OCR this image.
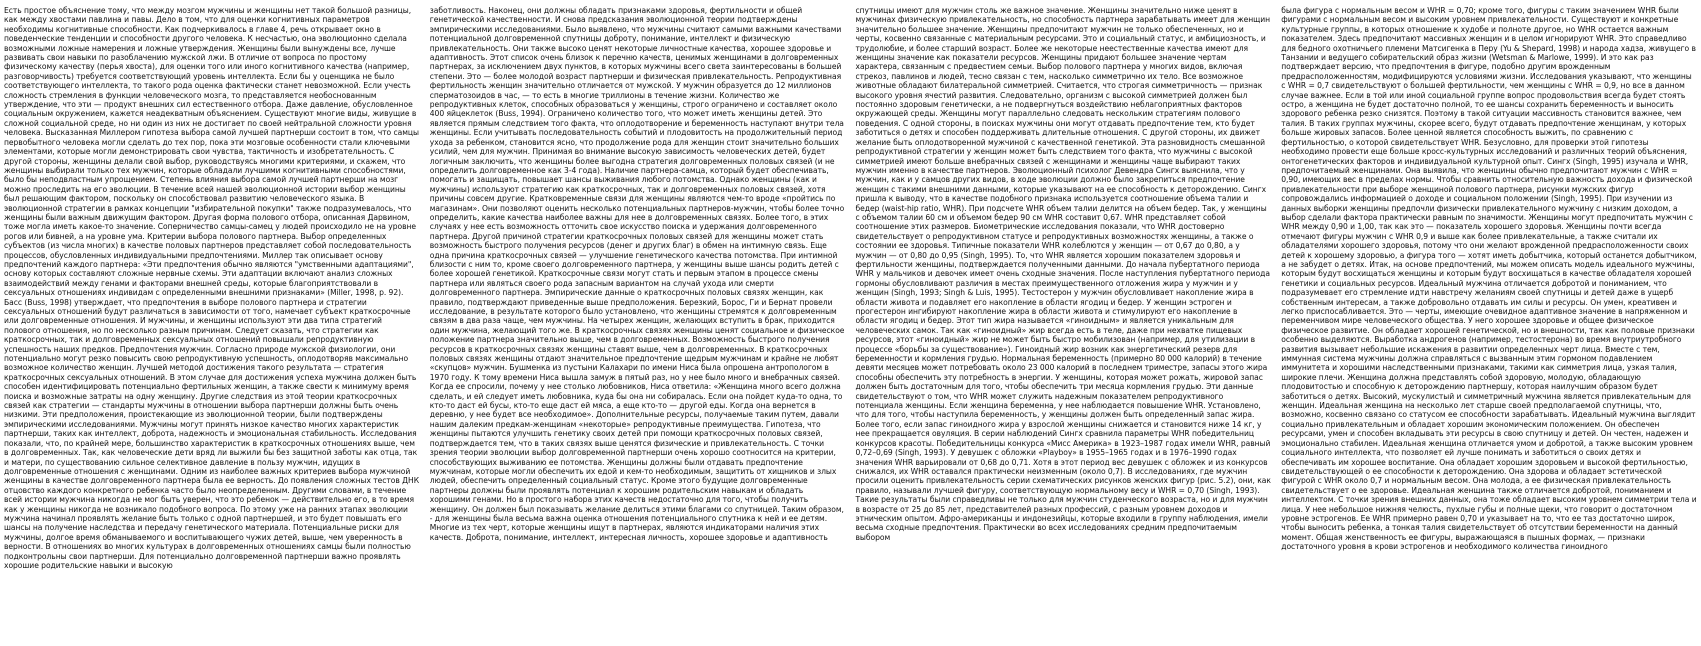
Есть простое объяснение тому, что между мозгом мужчины и женщины нет такой большой разницы, как между хвостами павлина и павы. Дело в том, что для оценки когнитивных параметров необходимы когнитивные способности. Как подчеркивалось в главе 4, речь открывает окно в поведенческие тенденции и способности другого человека. К несчастью, она эволюционно сделала возможными ложные намерения и ложные утверждения. Женщины были вынуждены все, лучше развивать свои навыки по разоблачению мужской лжи. В отличие от вопроса по простому физическому качеству (перья хвоста), для оценки того или иного когнитивного качества (например, разговорчивость) требуется соответствующий уровень интеллекта. Если бы у оценщика не было соответствующего интеллекта, то такого рода оценка фактически станет невозможной. Если учесть сложность стремления в функции человеческого мозга, то представляется необоснованным утверждение, что эти — продукт внешних сил естественного отбора. Даже давление, обусловленное социальным окружением, кажется неадекватным объяснением. Существуют многие виды, живущие в сложной социальной среде, но ни один из них не достигает по своей нейтральной сложности уровня человека. Высказанная Миллером гипотеза выбора самой лучшей партнерши состоит в том, что самцы первобытного человека могли сделать до тех пор, пока эти мозговые особенности стали ключевыми элементами, которые могли демонстрировать свои чувства, тактичность и изобретательность. С другой стороны, женщины делали свой выбор, руководствуясь многими критериями, и скажем, что женщины выбирали только тех мужчин, которые обладали лучшими когнитивными способностями, было бы неподвластным упрощением. Степень влияния выбора самой лучшей партнерши на мозг можно проследить на его эволюции. В течение всей нашей эволюционной истории выбор женщины был решающим фактором, поскольку он способствовал развитию человеческого языка. В эволюционной стратегии в рамках концепции "избирательной покупки" также подразумевалось, что женщины были важным движущим фактором. Другая форма полового отбора, описанная Дарвином, тоже могла иметь какое-то значение. Соперничество самцы-самец у людей происходило не на уровне рогов или бивней, а на уровне ума. Критерии выбора полового партнера. Выбор определенных субъектов (из числа многих) в качестве половых партнеров представляет собой последовательность процессов, обусловленных индивидуальными предпочтениями. Миллер так описывает основу предпочтений каждого партнера: «Эти предпочтения обычно являются "умственными адаптациями", основу которых составляют сложные нервные схемы. Эти адаптации включают анализ сложных взаимодействий между генами и факторами внешней среды, которые благоприятствовали в сексуальных отношениях индивидам с определенными внешними признаками» (Miller, 1998, p. 92). Басс (Buss, 1998) утверждает, что предпочтения в выборе полового партнера и стратегии сексуальных отношений будут различаться в зависимости от того, намечает субъект краткосрочные или долговременные отношения. И мужчины, и женщины используют эти два типа стратегий полового отношения, но по несколько разным причинам. Следует сказать, что стратегии как краткосрочных, так и долговременных сексуальных отношений повышали репродуктивную успешность наших предков. Предпочтения мужчин. Согласно природе мужской физиологии, они потенциально могут резко повысить свою репродуктивную успешность, оплодотворяв максимально возможное количество женщин. Лучшей методой достижения такого результата — стратегия краткосрочных сексуальных отношений. В этом случае для достижения успеха мужчина должен быть способен идентифицировать потенциально фертильных женщин, а также свести к минимуму время поиска и возможные затраты на одну женщину. Другие следствия из этой теории краткосрочных связей как стратегии — стандарты мужчины в отношении выбора партнерши должны быть очень низкими. Эти предположения, проистекающие из эволюционной теории, были подтверждены эмпирическими исследованиями. Мужчины могут принять низкое качество многих характеристик партнерши, таких как интеллект, доброта, надежность и эмоциональная стабильность. Исследования показали, что, по крайней мере, большинство характеристик в краткосрочных отношениях выше, чем в долговременных. Так, как человеческие дети вряд ли выжили бы без защитной заботы как отца, так и матери, по существованию сильное селективное давление в пользу мужчин, идущих в долговременные отношения с женщинами. Одним из наиболее важных критериев выбора мужчиной женщины в качестве долговременного партнера была ее верность. До появления сложных тестов ДНК отцовство каждого конкретного ребенка часто было неопределенным. Другими словами, в течение всей истории мужчина никогда не мог быть уверен, что это ребенок — действительно его, в то время как у женщины никогда не возникало подобного вопроса. По этому уже на ранних этапах эволюции мужчина начинал проявлять желание быть только с одной партнершей, и это будет повышать его шансы на получение наследства и передачу генетического материала. Потенциальные риски для мужчины, долгое время обманываемого и воспитывающего чужих детей, выше, чем уверенность в верности. В отношениях во многих культурах в долговременных отношениях самцы были полностью подконтрольны свои партнерши. Для потенциально долговременной партнерши важно проявлять хорошие родительские навыки и высокую

заботливость. Наконец, они должны обладать признаками здоровья, фертильности и общей генетической качественности. И снова предсказания эволюционной теории подтверждены эмпирическими исследованиями. Было выявлено, что мужчины считают самыми важными качествами потенциальной долговременной спутницы доброту, понимание, интеллект и физическую привлекательность. Они также высоко ценят некоторые личностные качества, хорошее здоровье и адаптивность. Этот список очень близок к перечню качеств, ценимых женщинами в долговременных партнерах, за исключением двух пунктов, в которых мужчины всего света заинтересованы в большей степени. Это — более молодой возраст партнерши и физическая привлекательность. Репродуктивная фертильность женщин значительно отличается от мужской. У мужчин образуется до 12 миллионов сперматозоидов в час, — то есть в многие триллионы в течение жизни. Количество же репродуктивных клеток, способных образоваться у женщины, строго ограничено и составляет около 400 яйцеклеток (Buss, 1994). Ограничено количество того, что может иметь женщины детей. Это является прямым следствием того факта, что оплодотворение и беременность наступают внутри тела женщины. Если учитывать последовательность событий и плодовитость на продолжительный период ухода за ребенком, становится ясно, что продолжение рода для женщин стоит значительно больших усилий, чем для мужчин. Принимая во внимание высокую зависимость человеческих детей, будет логичным заключить, что женщины более выгодна стратегия долговременных половых связей (и не определить долговременное как 3-4 года). Наличие партнера-самца, который будет обеспечивать, помогать и защищать, повышает шансы выживания любого потомства. Однако женщины (как и мужчины) используют стратегию как краткосрочных, так и долговременных половых связей, хотя причины совсем другие. Кратковременные связи для женщины являются чем-то вроде «пройтись по магазинам». Они позволяют оценить несколько потенциальных партнеров-мужчин, чтобы более точно определить, какие качества наиболее важны для нее в долговременных связях. Более того, в этих случаях у нее есть возможность отточить свое искусство поиска и удержания долговременного партнера. Другой причиной стратегии краткосрочных половых связей для женщины может стать возможность быстрого получения ресурсов (денег и других благ) в обмен на интимную связь. Еще одна причина краткосрочных связей — улучшение генетического качества потомства. При интимной близости с ним то, кроме своего долговременного партнера, у женщины выше шансы родить детей с более хорошей генетикой. Краткосрочные связи могут стать и первым этапом в процессе смены партнера или являться своего рода запасным вариантом на случай ухода или смерти долговременного партнера. Эмпирические данные о краткосрочных половых связях женщин, как правило, подтверждают приведенные выше предположения. Березкий, Борос, Ги и Бернат провели исследование, в результате которого было установлено, что женщины стремятся к долговременным связям в два раза чаще, чем мужчины. На четырех женщин, желающих вступить в брак, приходится один мужчина, желающий того же. В краткосрочных связях женщины ценят социальное и физическое положение партнера значительно выше, чем в долговременных. Возможность быстрого получения ресурсов в краткосрочных связях женщины ставят выше, чем в долговременных. В краткосрочных половых связях женщины отдают значительное предпочтение щедрым мужчинам и крайне не любят «скупцов» мужчин. Бушменка из пустыни Калахари по имени Ниса была опрошена антропологом в 1970 году. К тому времени Ниса вышла замуж в пятый раз, но у нее было много и внебрачных связей. Когда ее спросили, почему у нее столько любовников, Ниса ответила: «Женщина много всего должна сделать, и ей следует иметь любовника, куда бы она ни собиралась. Если она пойдет куда-то одна, то кто-то даст ей бусы, кто-то еще даст ей мяса, а еще кто-то — другой еды. Когда она вернется в деревню, у нее будет все необходимое». Дополнительные ресурсы, получаемые таким путем, давали нашим далеким предкам-женщинам «некоторые» репродуктивные преимущества. Гипотеза, что женщины пытаются улучшить генетику своих детей при помощи краткосрочных половых связей, подтверждается тем, что в таких связях выше ценятся физические и привлекательность. С точки зрения теории эволюции выбор долговременной партнерши очень хорошо соотносится на критерии, способствующих выживанию ее потомства. Женщины должны были отдавать предпочтение мужчинам, которые могли обеспечить их едой и кем-то необходимым, защитить от хищников и злых людей, обеспечить определенный социальный статус. Кроме этого будущие долговременные партнеры должны были проявлять потенциал к хорошим родительским навыкам и обладать хорошими генами. Но в простого набора этих качеств недостаточно для того, чтобы получить женщину. Он должен был показывать желание делиться этими благами со спутницей. Таким образом, - для женщины была весьма важна оценка отношения потенциального спутника к ней и ее детям. Многие из тех черт, которые женщины ищут в партнерах, являются индикаторами наличия этих качеств. Доброта, понимание, интеллект, интересная личность, хорошее здоровье и адаптивность

спутницы имеют для мужчин столь же важное значение. Женщины значительно ниже ценят в мужчинах физическую привлекательность, но способность партнера зарабатывать имеет для женщин значительно большее значение. Женщины предпочитают мужчин не только обеспеченных, но и черты, косвенно связанные с материальным ресурсами. Это и социальный статус, и амбициозность, и трудолюбие, и более старший возраст. Более же некоторые неестественные качества имеют для женщины значение как показатели ресурсов. Женщины придают большее значение чертам характера, связанным с предвестием семьи. Выбор полового партнера у многих видов, включая стрекоз, павлинов и людей, тесно связан с тем, насколько симметрично их тело. Все возможное животные обладают билатеральной симметрией. Считается, что строгая симметричность — признак высокого уровня ячестий развития. Следовательно, организм с высокой симметрией должен был постоянно здоровым генетически, а не подвергнуться воздействию неблагоприятных факторов окружающей среды. Женщины могут параллельно следовать нескольким стратегиям полового поведения. С одной стороны, в поисках мужчины они могут отдавать предпочтение тем, кто будет заботиться о детях и способен поддерживать длительные отношения. С другой стороны, их движет желание быть оплодотворенной мужчиной с качественной генетикой. Эта разновидность смешанной репродуктивной стратегии у женщин может быть следствием того факта, что мужчины с высокой симметрией имеют больше внебрачных связей с женщинами и женщины чаще выбирают таких мужчин именно в качестве партнеров. Эволюционный психолог Девендра Сингх выяснила, что у мужчин, как и у самцов других видов, в ходе эволюции должно было закрепиться предпочтение женщин с такими внешними данными, которые указывают на ее способность к деторождению. Сингх пришла к выводу, что в качестве подобного признака используется соотношение объема талии и бедер (waist-hip ratio, WHR). При подсчете WHR объем талии делится на объем бедер. Так, у женщины с объемом талии 60 см и объемом бедер 90 см WHR составит 0,67. WHR представляет собой соотношение этих размеров. Биометрические исследования показали, что WHR достоверно свидетельствует о репродуктивном статусе и репродуктивных возможностях женщины, а также о состоянии ее здоровья. Типичные показатели WHR колеблются у женщин — от 0,67 до 0,80, а у мужчин — от 0,80 до 0,95 (Singh, 1995). То, что WHR является хорошим показателем здоровья и фертильности женщины, подтверждается полученными данными. До начала пубертатного периода WHR у мальчиков и девочек имеет очень сходные значения. После наступления пубертатного периода гормоны обусловливают различия в местах преимущественного отложения жира у мужчин и у женщин (Singh, 1993; Singh & Luis, 1995). Тестостерон у мужчин обусловливает накопление жира в области живота и подавляет его накопление в области ягодиц и бедер. У женщин эстроген и прогестерон ингибируют накопление жира в области живота и стимулируют его накопление в области ягодиц и бедер. Этот тип жира называется «гиноидным» и является уникальным для человеческих самок. Так как «гиноидный» жир всегда есть в теле, даже при нехватке пищевых ресурсов, этот «гиноидный» жир не может быть быстро мобилизован (например, для утилизации в процессе «борьбы за существование»). Гиноидный жир возник как энергетический резерв для беременности и кормления грудью. Нормальная беременность (примерно 80 000 калорий) в течение девяти месяцев может потребовать около 23 000 калорий в последнем триместре, запасы этого жира способны обеспечить эту потребность в энергии. У женщины, которая может рожать, жировой запас должен быть достаточным для того, чтобы обеспечить три месяца кормления грудью. Эти данные свидетельствуют о том, что WHR может служить надежным показателем репродуктивного потенциала женщины. Если женщина беременна, у нее наблюдается повышение WHR. Установлено, что для того, чтобы наступила беременность, у женщины должен быть определенный запас жира. Более того, если запас гиноидного жира у взрослой женщины снижается и становится ниже 14 кг, у нее прекращается овуляция. В серии наблюдений Сингх сравнила параметры WHR победительниц конкурсов красоты. Победительницы конкурса «Мисс Америка» в 1923–1987 годах имели WHR, равный 0,72–0,69 (Singh, 1993). У девушек с обложки «Playboy» в 1955–1965 годах и в 1976–1990 годах значения WHR варьировали от 0,68 до 0,71. Хотя в этот период вес девушек с обложек и из конкурсов снижался, их WHR оставался практически неизменным (около 0,7). В исследованиях, где мужчин просили оценить привлекательность серии схематических рисунков женских фигур (рис. 5.2), они, как правило, называли лучшей фигуру, соответствующую нормальному весу и WHR = 0,70 (Singh, 1993). Такие результаты были справедливы не только для мужчин студенческого возраста, но и для мужчин в возрасте от 25 до 85 лет, представителей разных профессий, с разным уровнем доходов и этническим опытом. Афро-американцы и индонезийцы, которые входили в группу наблюдения, имели весьма сходные предпочтения. Практически во всех исследованиях средним предпочитаемым выбором

была фигура с нормальным весом и WHR = 0,70; кроме того, фигуры с таким значением WHR были фигурами с нормальным весом и высоким уровнем привлекательности. Существуют и конкретные культурные группы, в которых отношение к худобе и полноте другое, но WHR остается важным показателем. Здесь предпочитают массивных женщин и в целом игнорируют WHR. Это справедливо для бедного охотничьего племени Матсигенка в Перу (Yu & Shepard, 1998) и народа хадза, живущего в Танзании и ведущего собирательский образ жизни (Wetsman & Marlowe, 1999). И это как раз подтверждает версию, что предпочтения в фигуре, подобно другим врожденным предрасположенностям, модифицируются условиями жизни. Исследования указывают, что женщины с WHR = 0,7 свидетельствуют о большей фертильности, чем женщины с WHR = 0,9, но все в данном случае важнее. Если в той или иной социальной группе вопрос продовольствия всегда будет стоять остро, а женщина не будет достаточно полной, то ее шансы сохранить беременность и выносить здорового ребенка резко снизятся. Поэтому в такой ситуации массивность становится важнее, чем талия. В таких группах мужчины, скорее всего, будут отдавать предпочтение женщинам, у которых больше жировых запасов. Более ценной является способность выжить, по сравнению с фертильностью, о которой свидетельствует WHR. Безусловно, для проверки этой гипотезы необходимо провести еще больше кросс-культурных исследований и различных теорий объяснения, онтогенетических факторов и индивидуальной культурной опыт. Сингх (Singh, 1995) изучала и WHR, предпочитаемый женщинами. Она выявила, что женщины обычно предпочитают мужчин с WHR = 0,90, имеющих вес в пределах нормы. Чтобы сравнить относительную важность дохода и физической привлекательности при выборе женщиной полового партнера, рисунки мужских фигур сопровождались информацией о доходе и социальном положении (Singh, 1995). При изучении из данных выборки женщины предпочли физически привлекательного мужчину с низким доходом, а выбор сделали фактора практически равным по значимости. Женщины могут предпочитать мужчин с WHR между 0,90 и 1,00, так как это — показатель хорошего здоровья. Женщины почти всегда отмечают фигуры мужчин с WHR 0,9 и выше как более привлекательные, а также считали их обладателями хорошего здоровья, потому что они желают врожденной предрасположенности своих детей к хорошему здоровью, а фигура того — хотят иметь добытчика, который останется добытчиком, а не забудет о детях. Итак, на основе предпочтений, мы можем описать модель идеального мужчины, которым будут восхищаться женщины и которым будут восхищаться в качестве обладателя хорошей генетики и социальных ресурсов. Идеальный мужчина отличается добротой и пониманием, что подразумевает его стремление идти навстречу желаниям своей спутницы и детей даже в ущерб собственным интересам, а также добровольно отдавать им силы и ресурсы. Он умен, креативен и легко приспосабливается. Это — черты, имеющие очевидное адаптивное значение в напряженном и переменчивом мире человеческого общества. У него хорошее здоровье и общее физическое физическое развитие. Он обладает хорошей генетической, но и внешности, так как половые признаки особенно выделяются. Выработка андрогенов (например, тестостерона) во время внутриутробного развития вызывает небольшие искажения в развитии определенных черт лица. Вместе с тем, иммунная система мужчины должна справляться с вызванным этим гормоном подавлением иммунитета и хорошими наследственными признаками, такими как симметрия лица, узкая талия, широкие плечи. Женщина должна представлять собой здоровую, молодую, обладающую плодовитостью и способную к деторождению партнершу, которая наилучшим образом будет заботиться о детях. Высокий, мускулистый и симметричный мужчина является привлекательным для женщин. Идеальная женщина на несколько лет старше своей предполагаемой спутницы, что, возможно, косвенно связано со статусом ее способности зарабатывать. Идеальный мужчина выглядит социально привлекательным и обладает хорошим экономическим положением. Он обеспечен ресурсами, умен и способен вкладывать эти ресурсы в свою спутницу и детей. Он честен, надежен и эмоционально стабилен. Идеальная женщина отличается умом и добротой, а также высоким уровнем социального интеллекта, что позволяет ей лучше понимать и заботиться о своих детях и обеспечивать им хорошее воспитание. Она обладает хорошим здоровьем и высокой фертильностью, свидетельствующей о ее способности к деторождению. Она здорова и обладает эстетической фигурой с WHR около 0,7 и нормальным весом. Она молода, а ее физическая привлекательность свидетельствует о ее здоровье. Идеальная женщина также отличается добротой, пониманием и интеллектом. С точки зрения внешних данных, она тоже обладает высоким уровнем симметрии тела и лица. У нее небольшое нижняя челюсть, пухлые губы и полные щеки, что говорит о достаточном уровне эстрогенов. Ее WHR примерно равен 0,70 и указывает на то, что ее таз достаточно широк, чтобы выносить ребенка, а тонкая талия свидетельствует об отсутствии беременности на данный момент. Общая женственность ее фигуры, выражающаяся в пышных формах, — признаки достаточного уровня в крови эстрогенов и необходимого количества гиноидного
